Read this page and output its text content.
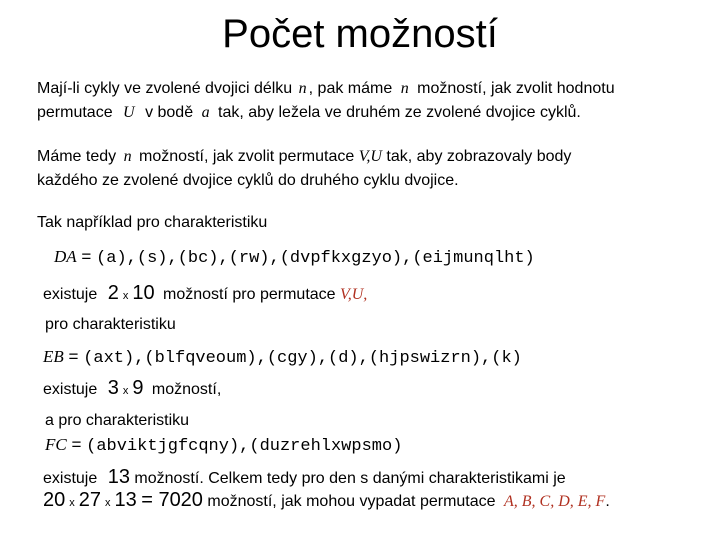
Počet možností
Mají-li cykly ve zvolené dvojici délku n , pak máme n možností, jak zvolit hodnotu
permutace U v bodě a tak, aby ležela ve druhém ze zvolené dvojice cyklů.
Máme tedy n možností, jak zvolit permutace V,U tak, aby zobrazovaly body
každého ze zvolené dvojice cyklů do druhého cyklu dvojice.
Tak například pro charakteristiku
DA = (a),(s),(bc),(rw),(dvpfkxgzyo),(eijmunqlht)
existuje 2 x 10 možností pro permutace V,U,
pro charakteristiku
EB = (axt),(blfqveoum),(cgy),(d),(hjpswizrn),(k)
existuje 3 x 9 možností,
a pro charakteristiku
FC = (abviktjgfcqny),(duzrehlxwpsmo)
existuje 13 možností. Celkem tedy pro den s danými charakteristikami je
20 x 27 x 13 = 7020 možností, jak mohou vypadat permutace A, B, C, D, E, F.
